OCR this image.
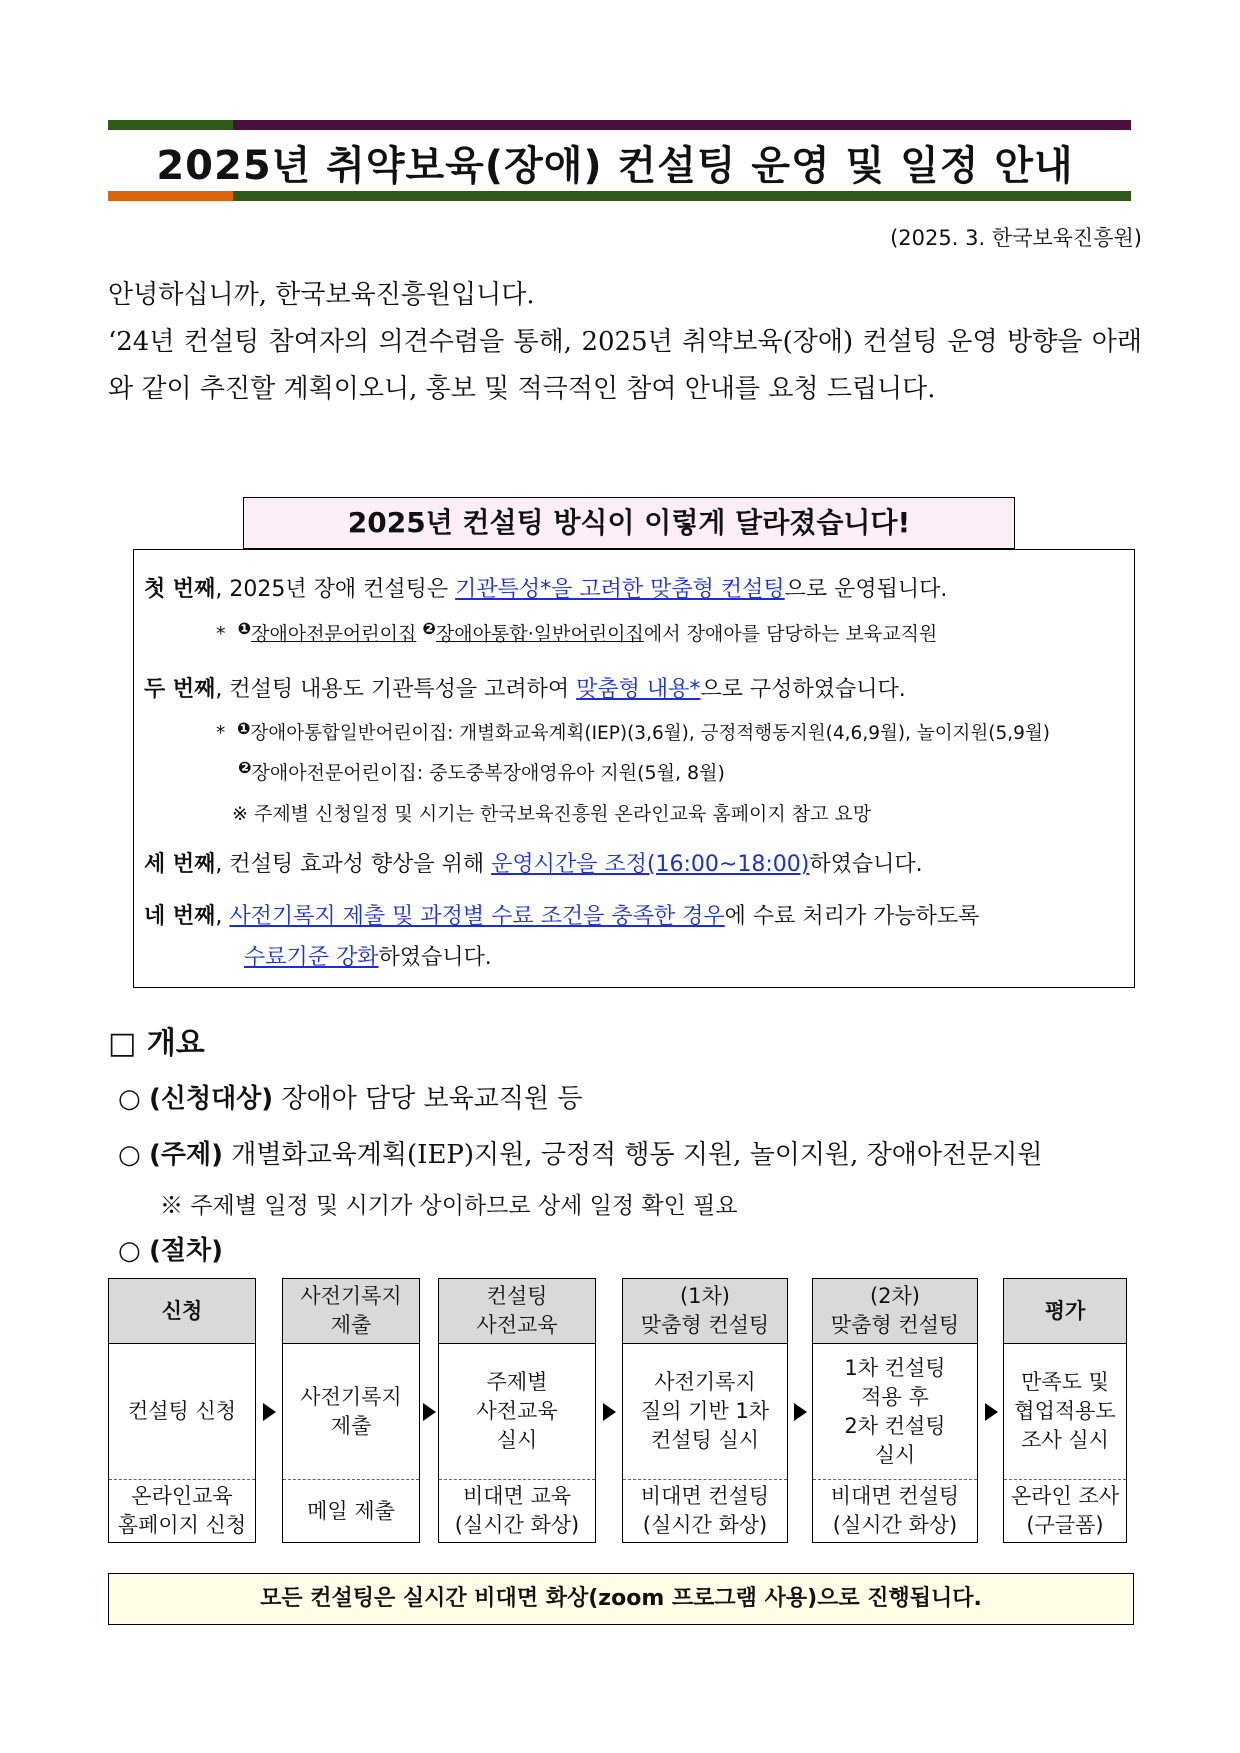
2025년 취약보육(장애) 컨설팅 운영 및 일정 안내
(2025. 3. 한국보육진흥원)

안녕하십니까, 한국보육진흥원입니다.

‘24년 컨설팅 참여자의 의견수렴을 통해, 2025년 취약보육(장애) 컨설팅 운영 방향을 아래와 같이 추진할 계획이오니, 홍보 및 적극적인 참여 안내를 요청 드립니다.

2025년 컨설팅 방식이 이렇게 달라졌습니다!
첫 번째, 2025년 장애 컨설팅은 기관특성*을 고려한 맞춤형 컨설팅으로 운영됩니다.
* $^❶$장애아전문어린이집 $^❷$장애아통합·일반어린이집에서 장애아를 담당하는 보육교직원
두 번째, 컨설팅 내용도 기관특성을 고려하여 맞춤형 내용*으로 구성하였습니다.
* ❶장애아통합일반어린이집: 개별화교육계획(IEP)(3,6월), 긍정적행동지원(4,6,9월), 놀이지원(5,9월)
$^❷$장애아전문어린이집: 중도중복장애영유아 지원(5월, 8월)
※ 주제별 신청일정 및 시기는 한국보육진흥원 온라인교육 홈페이지 참고 요망
세 번째, 컨설팅 효과성 향상을 위해 운영시간을 조정(16:00~18:00)하였습니다.
네 번째, 사전기록지 제출 및 과정별 수료 조건을 충족한 경우에 수료 처리가 가능하도록
수료기준 강화하였습니다.
□ 개요
○ (신청대상) 장애아 담당 보육교직원 등
○ (주제) 개별화교육계획(IEP)지원, 긍정적 행동 지원, 놀이지원, 장애아전문지원
※ 주제별 일정 및 시기가 상이하므로 상세 일정 확인 필요
○ (절차)
신청
컨설팅 신청
온라인교육
홈페이지 신청
사전기록지
제출
사전기록지
제출
메일 제출
컨설팅
사전교육
주제별
사전교육
실시
비대면 교육
(실시간 화상)
(1차)
맞춤형 컨설팅
사전기록지
질의 기반 1차
컨설팅 실시
비대면 컨설팅
(실시간 화상)
(2차)
맞춤형 컨설팅
1차 컨설팅
적용 후
2차 컨설팅
실시
비대면 컨설팅
(실시간 화상)
평가
만족도 및
협업적용도
조사 실시
온라인 조사
(구글폼)
모든 컨설팅은 실시간 비대면 화상(zoom 프로그램 사용)으로 진행됩니다.
